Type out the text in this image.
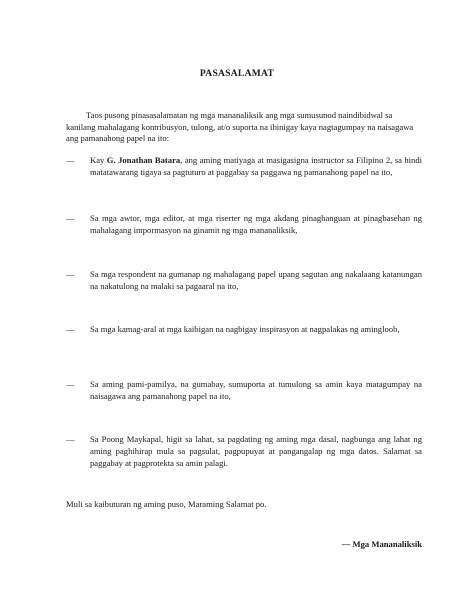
PASASALAMAT
Taos pusong pinasasalamatan ng mga mananaliksik ang mga sumusunod naindibidwal sa kanilang mahalagang kontribusyon, tulong, at/o suporta na ibinigay kaya nagtagumpay na naisagawa ang pamanahong papel na ito:
—	Kay G. Jonathan Batara, ang aming matiyaga at masigasigna instructor sa Filipino 2, sa hindi matatawarang tigaya sa pagtuturo at paggabay sa paggawa ng pamanahong papel na ito,
—	Sa mga awtor, mga editor, at mga riserter ng mga akdang pinaghanguan at pinagbasehan ng mahalagang impormasyon na ginamit ng mga mananaliksik,
—	Sa mga respondent na gumanap ng mahalagang papel upang sagutan ang nakalaang katanungan na nakatulong na malaki sa pagaaral na ito,
—	Sa mga kamag-aral at mga kaibigan na nagbigay inspirasyon at nagpalakas ng amingloob,
—	Sa aming pami-pamilya, na gumabay, sumuporta at tumulong sa amin kaya matagumpay na naisagawa ang pamanahong papel na ito,
—	Sa Poong Maykapal, higit sa lahat, sa pagdating ng aming mga dasal, nagbunga ang lahat ng aming paghihirap mula sa pagsulat, pagpupuyat at pangangalap ng mga datos. Salamat sa paggabay at pagprotekta sa amin palagi.
Muli sa kaibuturan ng aming puso, Maraming Salamat po.
— Mga Mananaliksik
